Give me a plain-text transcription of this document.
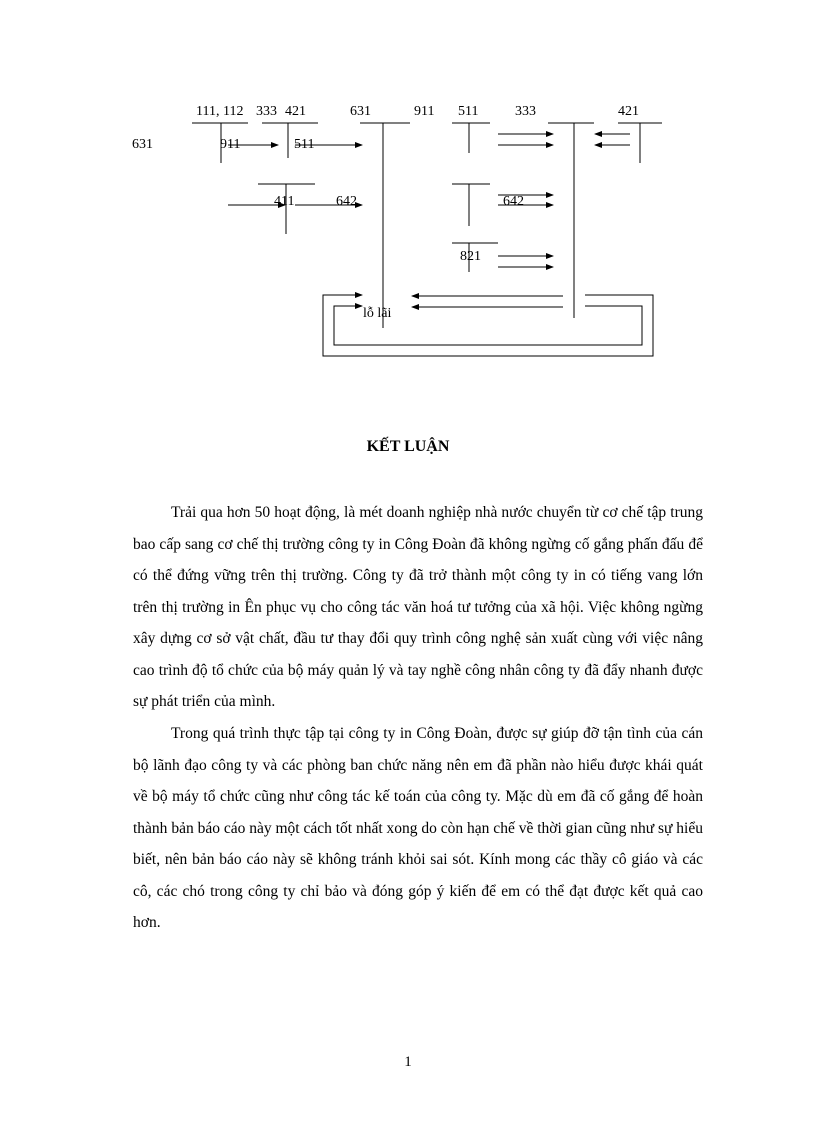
111, 112 333 421	631	911 511	333	421
631	911	511
411	642	642
821
lỗ lãi
KẾT LUẬN

Trải qua hơn 50 hoạt động, là mét doanh nghiệp nhà nước chuyển từ cơ chế tập trung bao cấp sang cơ chế thị trường công ty in Công Đoàn đã không ngừng cố gắng phấn đấu để có thể đứng vững trên thị trường. Công ty đã trở thành một công ty in có tiếng vang lớn trên thị trường in Ên phục vụ cho công tác văn hoá tư tưởng của xã hội. Việc không ngừng xây dựng cơ sở vật chất, đầu tư thay đổi quy trình công nghệ sản xuất cùng với việc nâng cao trình độ tổ chức của bộ máy quản lý và tay nghề công nhân công ty đã đẩy nhanh được sự phát triển của mình.

Trong quá trình thực tập tại công ty in Công Đoàn, được sự giúp đỡ tận tình của cán bộ lãnh đạo công ty và các phòng ban chức năng nên em đã phần nào hiểu được khái quát về bộ máy tổ chức cũng như công tác kế toán của công ty. Mặc dù em đã cố gắng để hoàn thành bản báo cáo này một cách tốt nhất xong do còn hạn chế về thời gian cũng như sự hiểu biết, nên bản báo cáo này sẽ không tránh khỏi sai sót. Kính mong các thầy cô giáo và các cô, các chó trong công ty chỉ bảo và đóng góp ý kiến để em có thể đạt được kết quả cao hơn.

1
